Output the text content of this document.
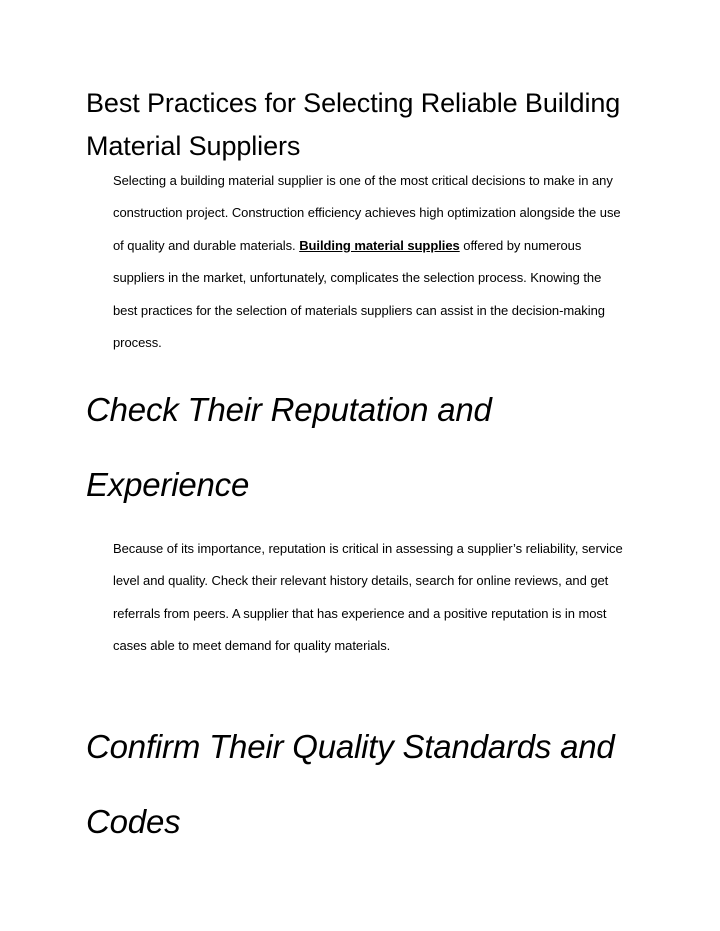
Best Practices for Selecting Reliable Building Material Suppliers

Selecting a building material supplier is one of the most critical decisions to make in any construction project. Construction efficiency achieves high optimization alongside the use of quality and durable materials. Building material supplies offered by numerous suppliers in the market, unfortunately, complicates the selection process. Knowing the best practices for the selection of materials suppliers can assist in the decision-making process.

Check Their Reputation and Experience

Because of its importance, reputation is critical in assessing a supplier’s reliability, service level and quality. Check their relevant history details, search for online reviews, and get referrals from peers. A supplier that has experience and a positive reputation is in most cases able to meet demand for quality materials.

Confirm Their Quality Standards and Codes
